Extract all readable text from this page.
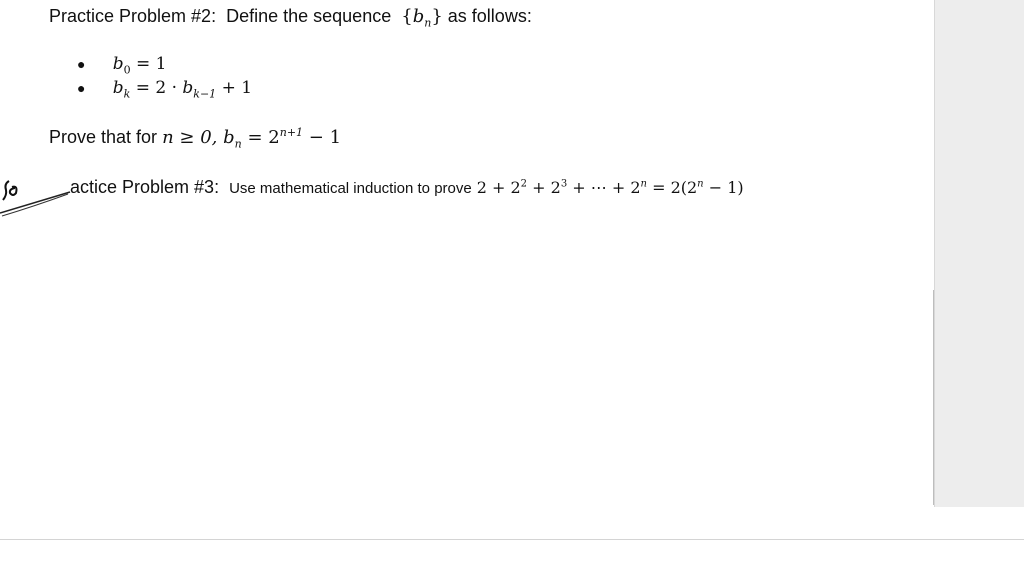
Practice Problem #2: Define the sequence $\{b_n\}$ as follows:
● $b_0 = 1$
● $b_k = 2 \cdot b_{k-1} + 1$
Prove that for n ≥ 0, $b_n = 2^{n+1} - 1$
actice Problem #3: Use mathematical induction to prove $2 + 2^2 + 2^3$ + ⋯ + $2^n = 2(2^n - 1)$
